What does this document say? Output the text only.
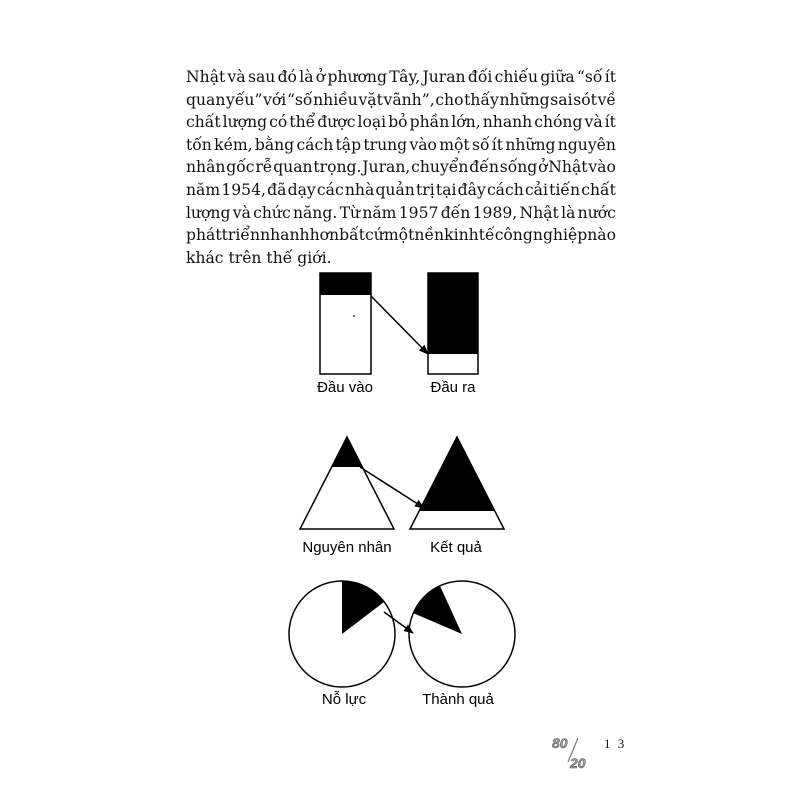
Nhật và sau đó là ở phương Tây, Juran đối chiếu giữa “số ít
quan yếu” với “số nhiều vặt vãnh”, cho thấy những sai sót về
chất lượng có thể được loại bỏ phần lớn, nhanh chóng và ít
tốn kém, bằng cách tập trung vào một số ít những nguyên
nhân gốc rễ quan trọng. Juran, chuyển đến sống ở Nhật vào
năm 1954, đã dạy các nhà quản trị tại đây cách cải tiến chất
lượng và chức năng. Từ năm 1957 đến 1989, Nhật là nước
phát triển nhanh hơn bất cứ một nền kinh tế công nghiệp nào
khác trên thế giới.
Đầu vào	Đầu ra
Nguyên nhân	Kết quả
Nỗ lực	Thành quả
80
20
1 3
